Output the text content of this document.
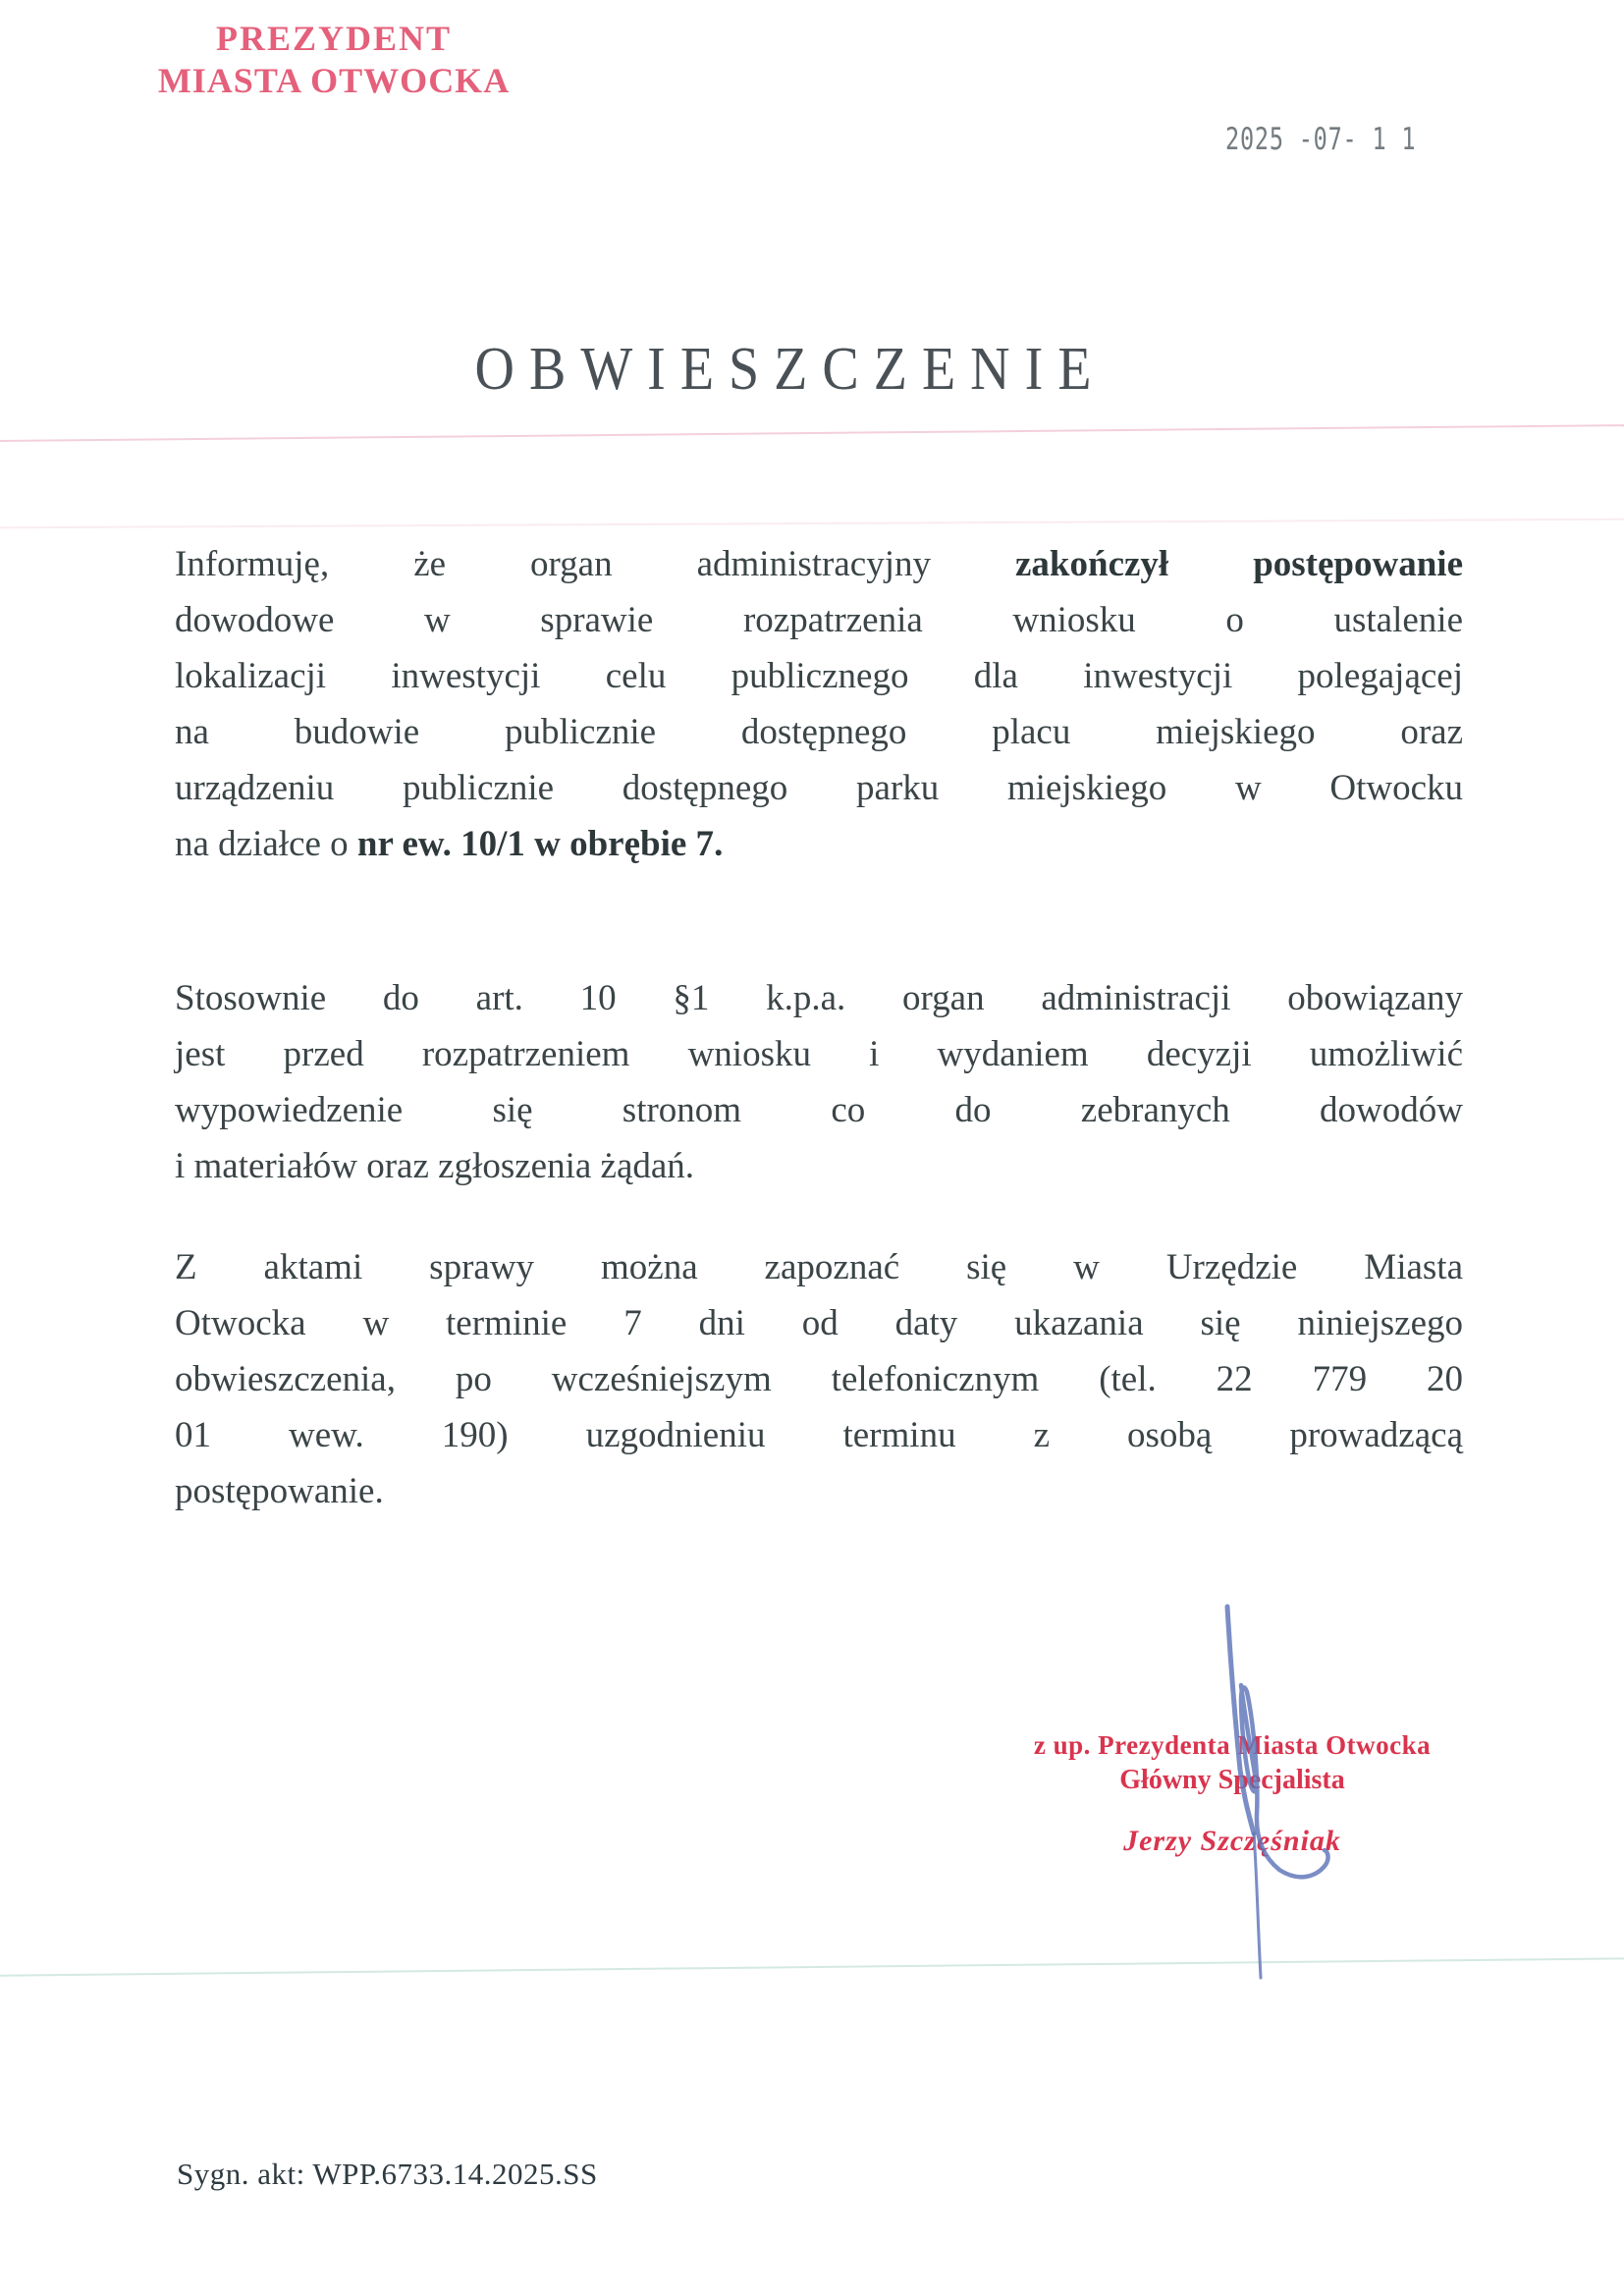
PREZYDENT
MIASTA OTWOCKA
2025 -07- 1 1
OBWIESZCZENIE
Informuję, że organ administracyjny zakończył postępowanie
dowodowe w sprawie rozpatrzenia wniosku o ustalenie
lokalizacji inwestycji celu publicznego dla inwestycji polegającej
na budowie publicznie dostępnego placu miejskiego oraz
urządzeniu publicznie dostępnego parku miejskiego w Otwocku
na działce o nr ew. 10/1 w obrębie 7.
Stosownie do art. 10 §1 k.p.a. organ administracji obowiązany
jest przed rozpatrzeniem wniosku i wydaniem decyzji umożliwić
wypowiedzenie się stronom co do zebranych dowodów
i materiałów oraz zgłoszenia żądań.
Z aktami sprawy można zapoznać się w Urzędzie Miasta
Otwocka w terminie 7 dni od daty ukazania się niniejszego
obwieszczenia, po wcześniejszym telefonicznym (tel. 22 779 20
01 wew. 190) uzgodnieniu terminu z osobą prowadzącą
postępowanie.
z up. Prezydenta Miasta Otwocka
Główny Specjalista
Jerzy Szczęśniak
Sygn. akt: WPP.6733.14.2025.SS
